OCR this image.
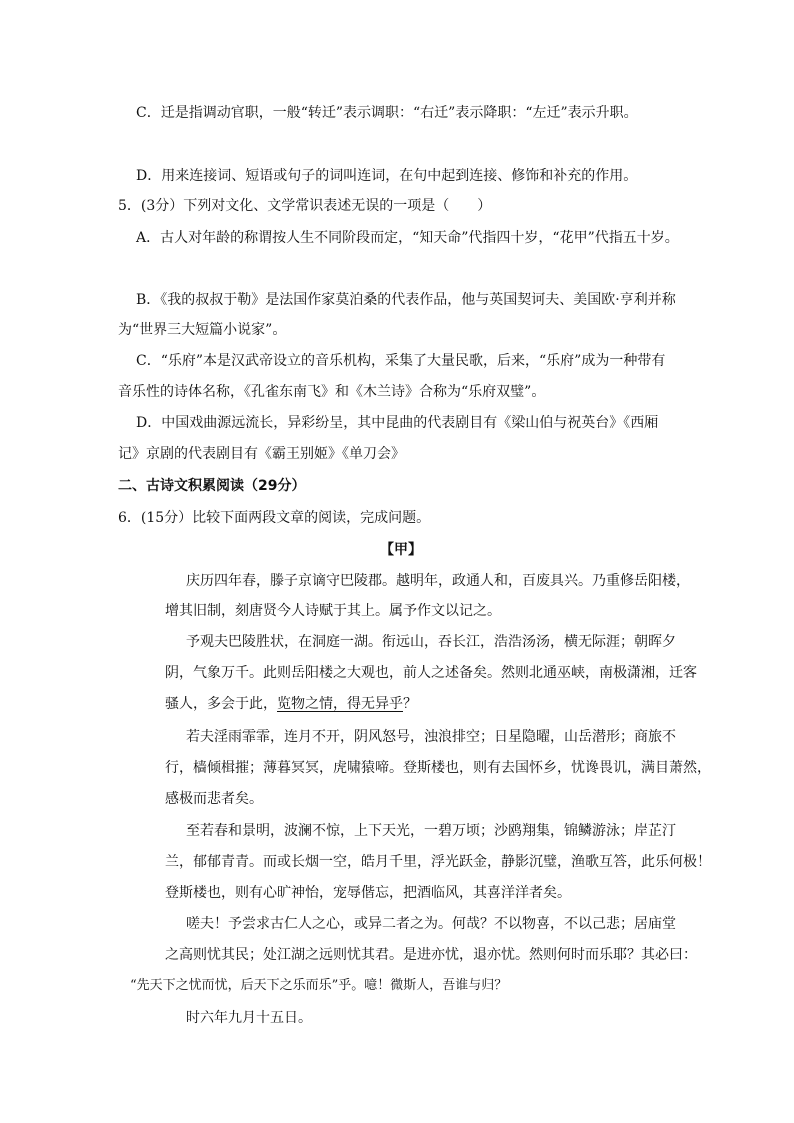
C．迁是指调动官职，一般“转迁”表示调职：“右迁”表示降职：“左迁”表示升职。
D．用来连接词、短语或句子的词叫连词，在句中起到连接、修饰和补充的作用。
5．(3分）下列对文化、文学常识表述无误的一项是（　　）
A．古人对年龄的称谓按人生不同阶段而定，“知天命”代指四十岁，“花甲”代指五十岁。
B．《我的叔叔于勒》是法国作家莫泊桑的代表作品，他与英国契诃夫、美国欧·亨利并称
为“世界三大短篇小说家”。
C．“乐府”本是汉武帝设立的音乐机构，采集了大量民歌，后来，“乐府”成为一种带有
音乐性的诗体名称，《孔雀东南飞》和《木兰诗》合称为“乐府双璧”。
D．中国戏曲源远流长，异彩纷呈，其中昆曲的代表剧目有《梁山伯与祝英台》《西厢
记》京剧的代表剧目有《霸王别姬》《单刀会》
二、古诗文积累阅读（29分）
6．(15分）比较下面两段文章的阅读，完成问题。
【甲】
庆历四年春，滕子京谪守巴陵郡。越明年，政通人和，百废具兴。乃重修岳阳楼，
增其旧制，刻唐贤今人诗赋于其上。属予作文以记之。
予观夫巴陵胜状，在洞庭一湖。衔远山，吞长江，浩浩汤汤，横无际涯；朝晖夕
阴，气象万千。此则岳阳楼之大观也，前人之述备矣。然则北通巫峡，南极潇湘，迁客
骚人，多会于此，览物之情，得无异乎？
若夫淫雨霏霏，连月不开，阴风怒号，浊浪排空；日星隐曜，山岳潜形；商旅不
行，樯倾楫摧；薄暮冥冥，虎啸猿啼。登斯楼也，则有去国怀乡，忧谗畏讥，满目萧然，
感极而悲者矣。
至若春和景明，波澜不惊，上下天光，一碧万顷；沙鸥翔集，锦鳞游泳；岸芷汀
兰，郁郁青青。而或长烟一空，皓月千里，浮光跃金，静影沉璧，渔歌互答，此乐何极！
登斯楼也，则有心旷神怡，宠辱偕忘，把酒临风，其喜洋洋者矣。
嗟夫！予尝求古仁人之心，或异二者之为。何哉？不以物喜，不以己悲；居庙堂
之高则忧其民；处江湖之远则忧其君。是进亦忧，退亦忧。然则何时而乐耶？其必曰：
“先天下之忧而忧，后天下之乐而乐”乎。噫！微斯人，吾谁与归？
时六年九月十五日。
